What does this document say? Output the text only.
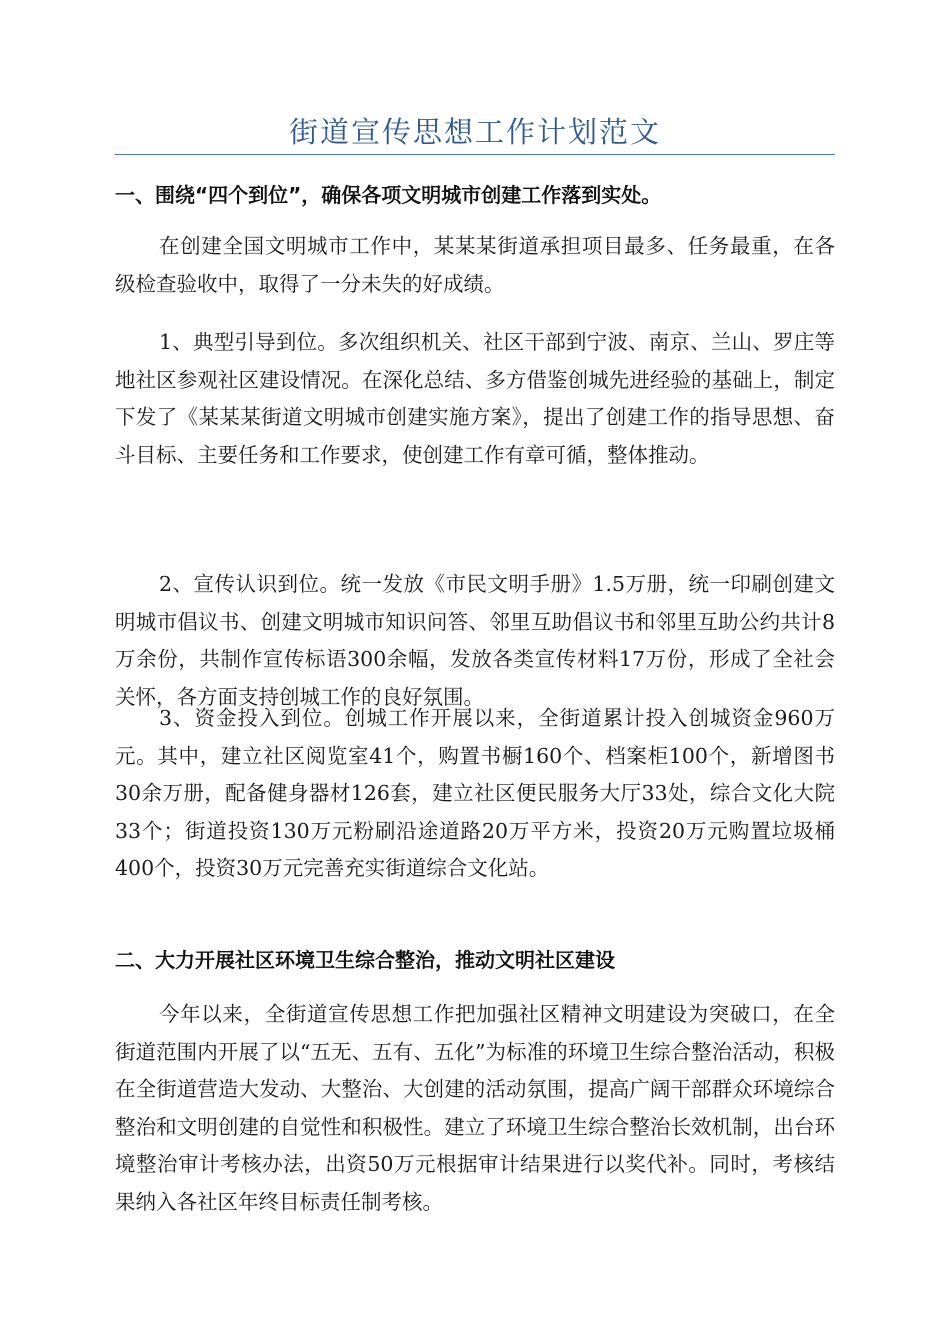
街道宣传思想工作计划范文
一、围绕“四个到位”，确保各项文明城市创建工作落到实处。
在创建全国文明城市工作中，某某某街道承担项目最多、任务最重，在各级检查验收中，取得了一分未失的好成绩。
1、典型引导到位。多次组织机关、社区干部到宁波、南京、兰山、罗庄等地社区参观社区建设情况。在深化总结、多方借鉴创城先进经验的基础上，制定下发了《某某某街道文明城市创建实施方案》，提出了创建工作的指导思想、奋斗目标、主要任务和工作要求，使创建工作有章可循，整体推动。
2、宣传认识到位。统一发放《市民文明手册》1.5万册，统一印刷创建文明城市倡议书、创建文明城市知识问答、邻里互助倡议书和邻里互助公约共计8万余份，共制作宣传标语300余幅，发放各类宣传材料17万份，形成了全社会关怀，各方面支持创城工作的良好氛围。
3、资金投入到位。创城工作开展以来，全街道累计投入创城资金960万元。其中，建立社区阅览室41个，购置书橱160个、档案柜100个，新增图书30余万册，配备健身器材126套，建立社区便民服务大厅33处，综合文化大院33个；街道投资130万元粉刷沿途道路20万平方米，投资20万元购置垃圾桶400个，投资30万元完善充实街道综合文化站。
二、大力开展社区环境卫生综合整治，推动文明社区建设
今年以来，全街道宣传思想工作把加强社区精神文明建设为突破口，在全街道范围内开展了以“五无、五有、五化”为标准的环境卫生综合整治活动，积极在全街道营造大发动、大整治、大创建的活动氛围，提高广阔干部群众环境综合整治和文明创建的自觉性和积极性。建立了环境卫生综合整治长效机制，出台环境整治审计考核办法，出资50万元根据审计结果进行以奖代补。同时，考核结果纳入各社区年终目标责任制考核。
